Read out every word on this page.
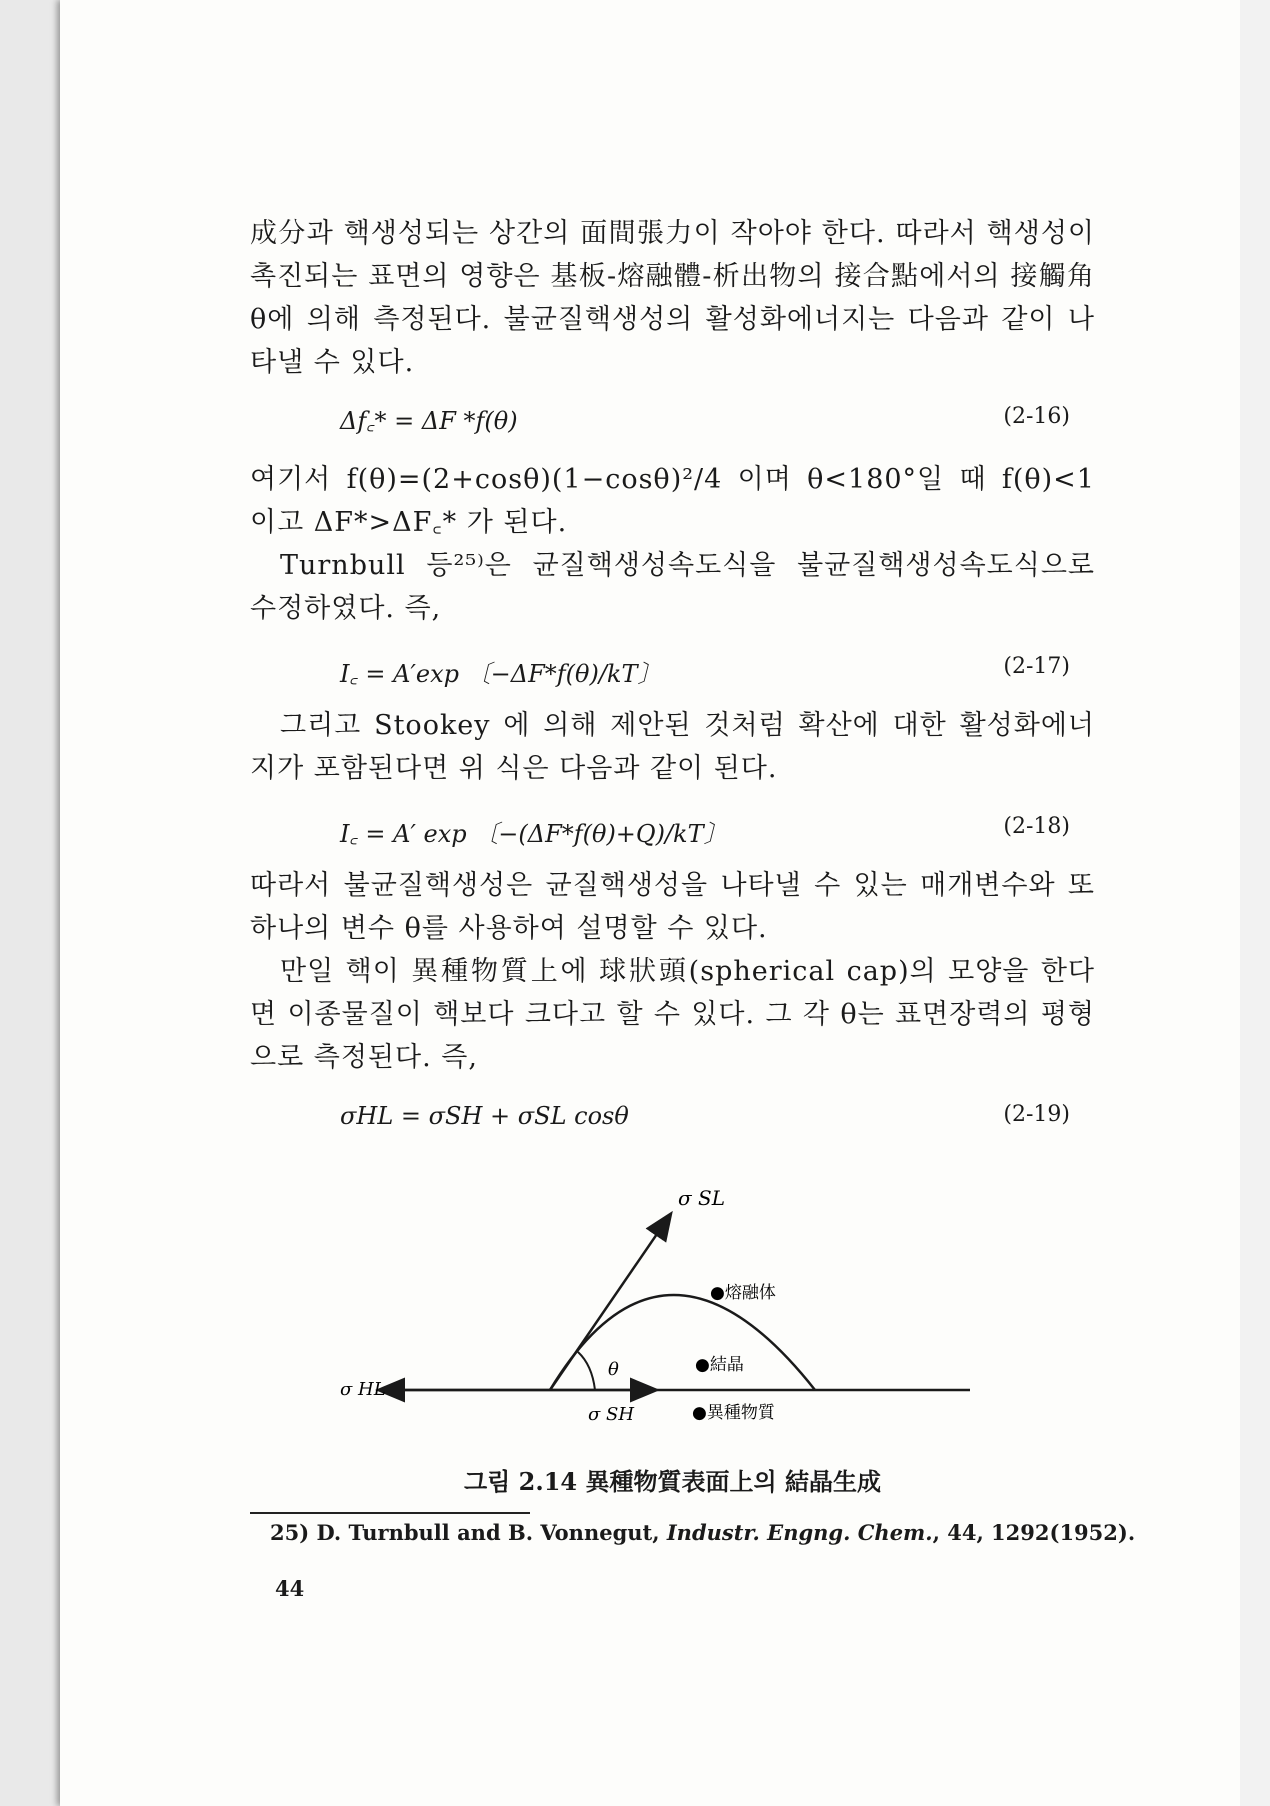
成分과 핵생성되는 상간의 面間張力이 작아야 한다. 따라서 핵생성이 촉진되는 표면의 영향은 基板-熔融體-析出物의 接合點에서의 接觸角 θ에 의해 측정된다. 불균질핵생성의 활성화에너지는 다음과 같이 나타낼 수 있다.

Δf꜀* = ΔF *f(θ)	(2-16)

여기서 f(θ)=(2+cosθ)(1−cosθ)²/4 이며 θ<180°일 때 f(θ)<1 이고 ΔF*>ΔF꜀* 가 된다.

Turnbull 등²⁵⁾은 균질핵생성속도식을 불균질핵생성속도식으로 수정하였다. 즉,

I꜀ = A′exp 〔−ΔF*f(θ)/kT〕	(2-17)

그리고 Stookey 에 의해 제안된 것처럼 확산에 대한 활성화에너지가 포함된다면 위 식은 다음과 같이 된다.

I꜀ = A′ exp 〔−(ΔF*f(θ)+Q)/kT〕	(2-18)

따라서 불균질핵생성은 균질핵생성을 나타낼 수 있는 매개변수와 또 하나의 변수 θ를 사용하여 설명할 수 있다.

만일 핵이 異種物質上에 球狀頭(spherical cap)의 모양을 한다면 이종물질이 핵보다 크다고 할 수 있다. 그 각 θ는 표면장력의 평형으로 측정된다. 즉,

σHL = σSH + σSL cosθ	(2-19)
σ SL
σ HL
σ SH
θ
●熔融体
●結晶
●異種物質
그림 2.14 異種物質表面上의 結晶生成
25) D. Turnbull and B. Vonnegut, Industr. Engng. Chem., 44, 1292(1952).
44
